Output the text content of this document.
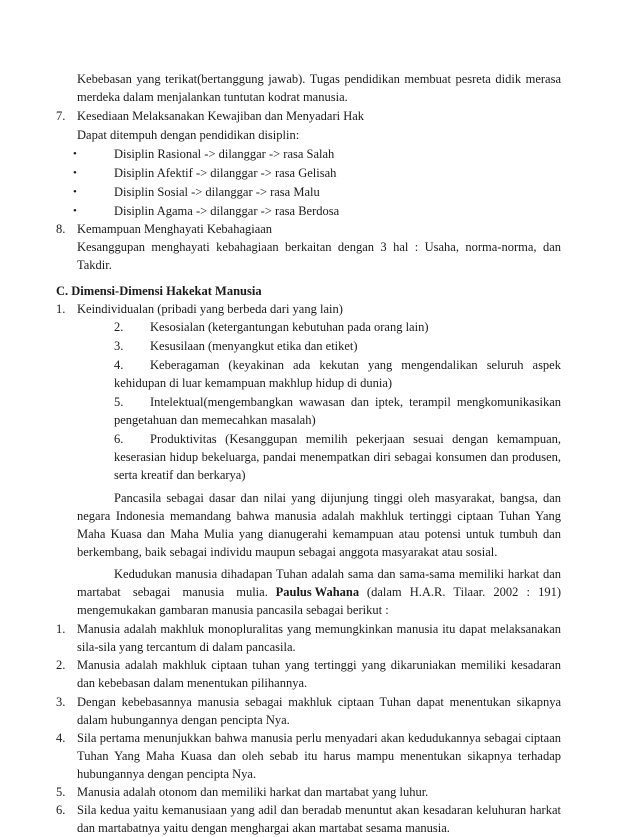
Kebebasan yang terikat(bertanggung jawab). Tugas pendidikan membuat pesreta didik merasa
merdeka dalam menjalankan tuntutan kodrat manusia.
7. Kesediaan Melaksanakan Kewajiban dan Menyadari Hak
Dapat ditempuh dengan pendidikan disiplin:
•	Disiplin Rasional -> dilanggar -> rasa Salah
•	Disiplin Afektif -> dilanggar -> rasa Gelisah
•	Disiplin Sosial -> dilanggar -> rasa Malu
•	Disiplin Agama -> dilanggar -> rasa Berdosa
8. Kemampuan Menghayati Kebahagiaan
Kesanggupan menghayati kebahagiaan berkaitan dengan 3 hal : Usaha, norma-norma, dan
Takdir.
C. Dimensi-Dimensi Hakekat Manusia
1. Keindividualan (pribadi yang berbeda dari yang lain)
2. Kesosialan (ketergantungan kebutuhan pada orang lain)
3. Kesusilaan (menyangkut etika dan etiket)
4. Keberagaman (keyakinan ada kekutan yang mengendalikan seluruh aspek
kehidupan di luar kemampuan makhlup hidup di dunia)
5. Intelektual(mengembangkan wawasan dan iptek, terampil mengkomunikasikan
pengetahuan dan memecahkan masalah)
6. Produktivitas (Kesanggupan memilih pekerjaan sesuai dengan kemampuan,
keserasian hidup bekeluarga, pandai menempatkan diri sebagai konsumen dan produsen,
serta kreatif dan berkarya)
Pancasila sebagai dasar dan nilai yang dijunjung tinggi oleh masyarakat, bangsa, dan
negara Indonesia memandang bahwa manusia adalah makhluk tertinggi ciptaan Tuhan Yang
Maha Kuasa dan Maha Mulia yang dianugerahi kemampuan atau potensi untuk tumbuh dan
berkembang, baik sebagai individu maupun sebagai anggota masyarakat atau sosial.
Kedudukan manusia dihadapan Tuhan adalah sama dan sama-sama memiliki harkat dan
martabat sebagai manusia mulia. Paulus Wahana (dalam H.A.R. Tilaar. 2002 : 191)
mengemukakan gambaran manusia pancasila sebagai berikut :
1. Manusia adalah makhluk monopluralitas yang memungkinkan manusia itu dapat melaksanakan
sila-sila yang tercantum di dalam pancasila.
2. Manusia adalah makhluk ciptaan tuhan yang tertinggi yang dikaruniakan memiliki kesadaran
dan kebebasan dalam menentukan pilihannya.
3. Dengan kebebasannya manusia sebagai makhluk ciptaan Tuhan dapat menentukan sikapnya
dalam hubungannya dengan pencipta Nya.
4. Sila pertama menunjukkan bahwa manusia perlu menyadari akan kedudukannya sebagai ciptaan
Tuhan Yang Maha Kuasa dan oleh sebab itu harus mampu menentukan sikapnya terhadap
hubungannya dengan pencipta Nya.
5. Manusia adalah otonom dan memiliki harkat dan martabat yang luhur.
6. Sila kedua yaitu kemanusiaan yang adil dan beradab menuntut akan kesadaran keluhuran harkat
dan martabatnya yaitu dengan menghargai akan martabat sesama manusia.
